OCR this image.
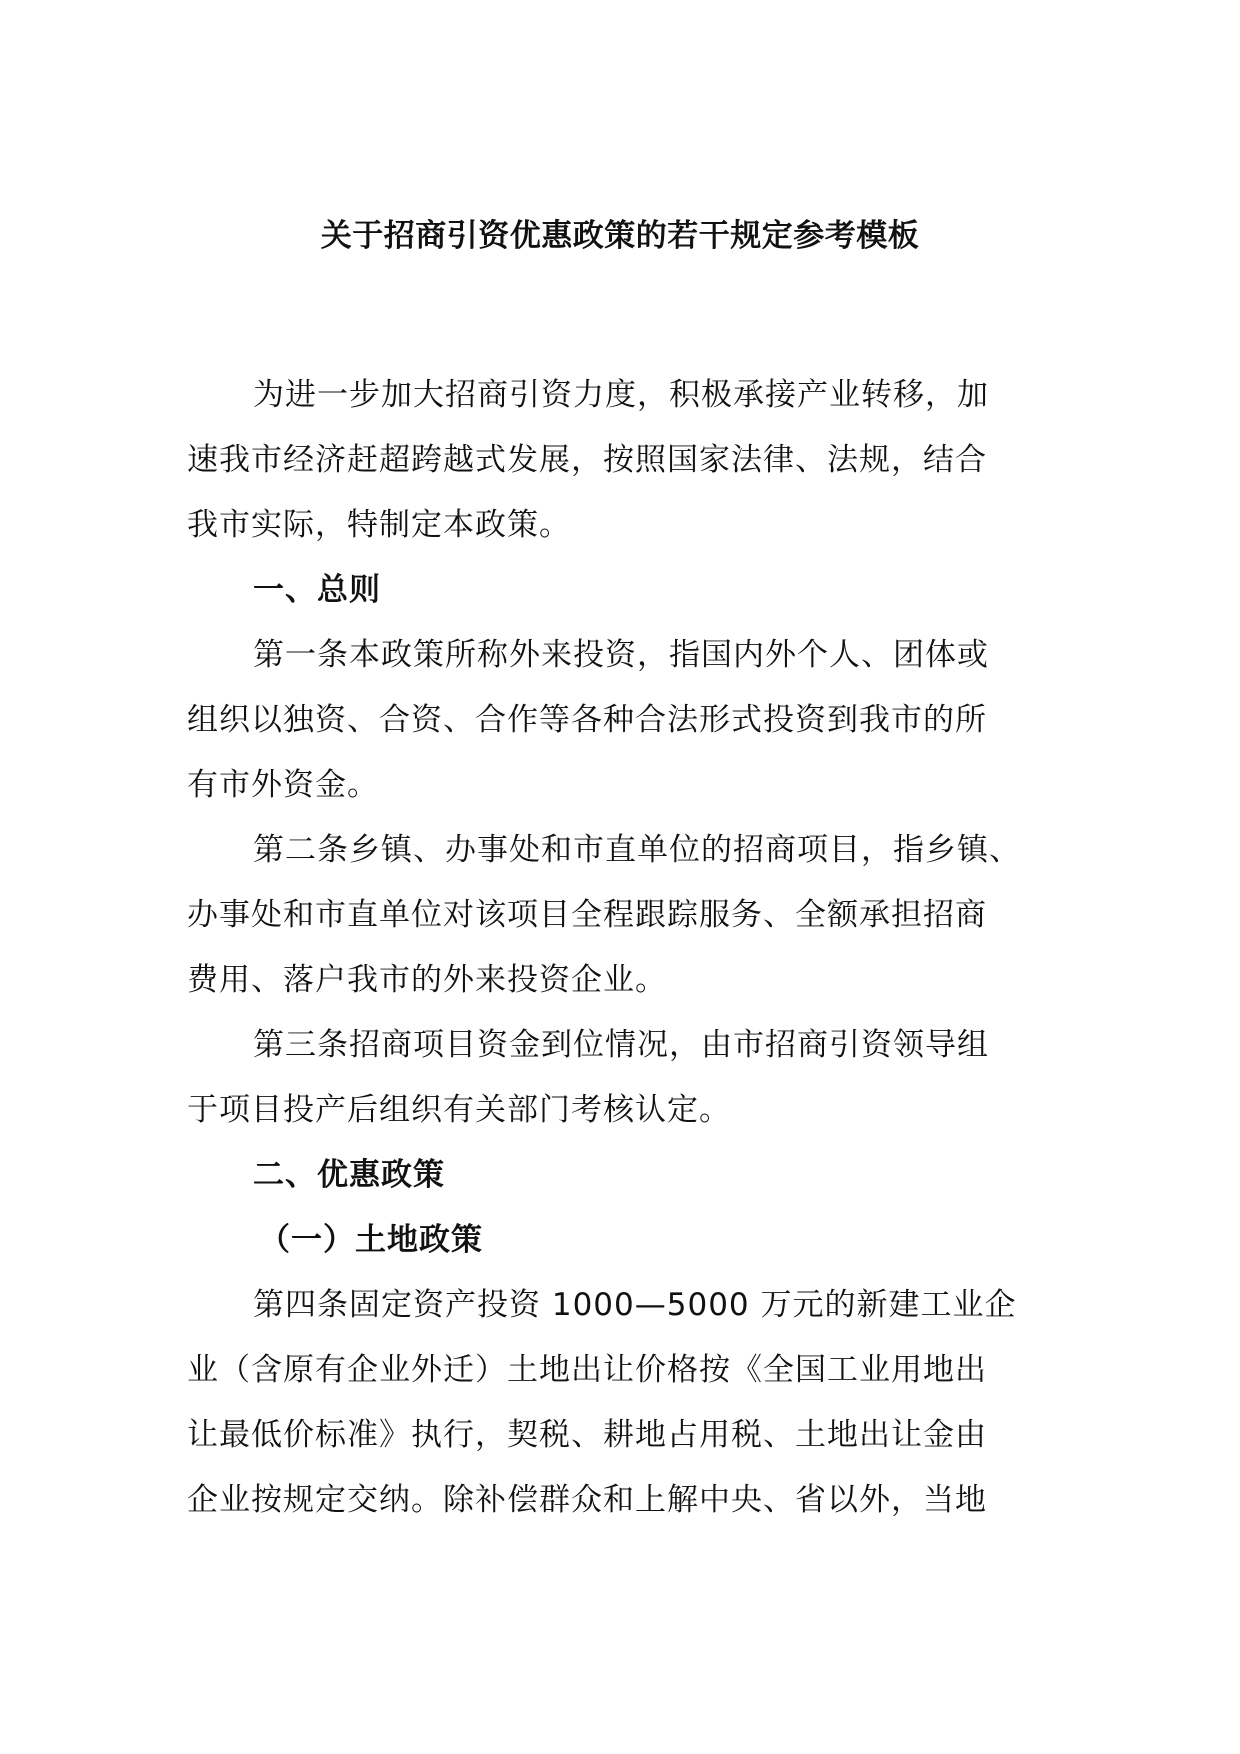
关于招商引资优惠政策的若干规定参考模板
为进一步加大招商引资力度，积极承接产业转移，加
速我市经济赶超跨越式发展，按照国家法律、法规，结合
我市实际，特制定本政策。
一、总则
第一条本政策所称外来投资，指国内外个人、团体或
组织以独资、合资、合作等各种合法形式投资到我市的所
有市外资金。
第二条乡镇、办事处和市直单位的招商项目，指乡镇、
办事处和市直单位对该项目全程跟踪服务、全额承担招商
费用、落户我市的外来投资企业。
第三条招商项目资金到位情况，由市招商引资领导组
于项目投产后组织有关部门考核认定。
二、优惠政策
（一）土地政策
第四条固定资产投资 1000—5000 万元的新建工业企
业（含原有企业外迁）土地出让价格按《全国工业用地出
让最低价标准》执行，契税、耕地占用税、土地出让金由
企业按规定交纳。除补偿群众和上解中央、省以外，当地
